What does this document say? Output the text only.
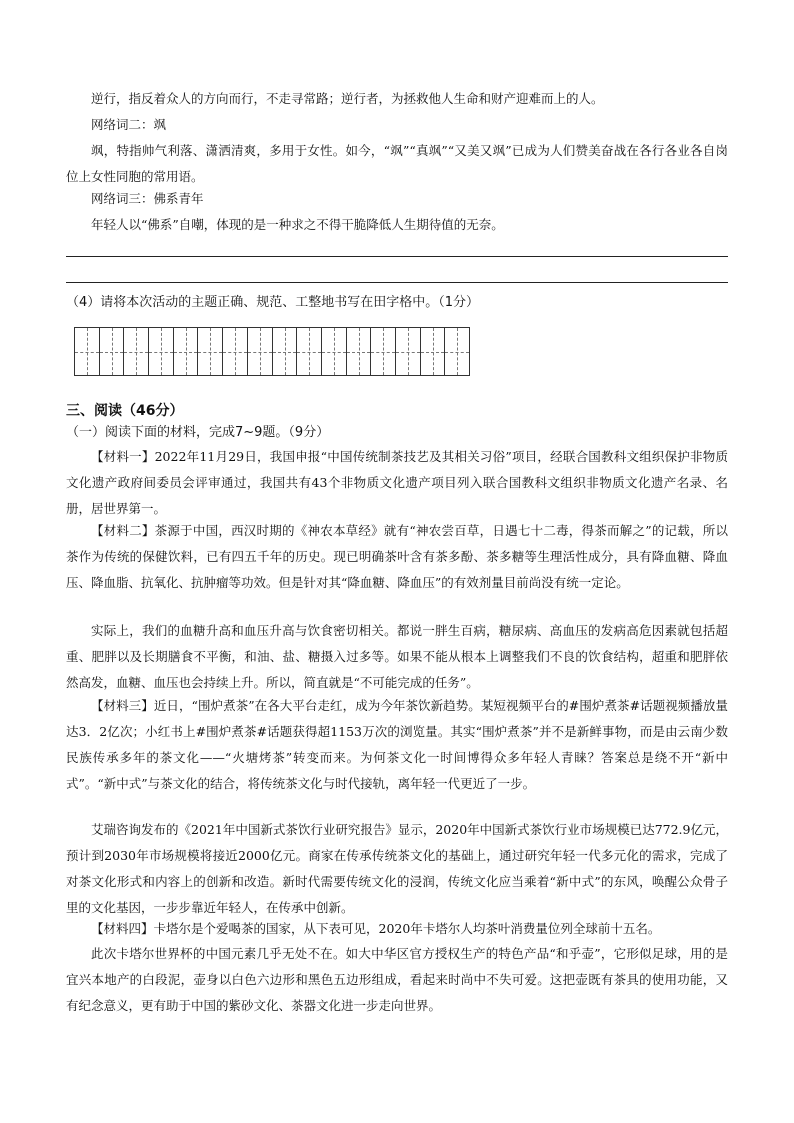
逆行，指反着众人的方向而行，不走寻常路；逆行者，为拯救他人生命和财产迎难而上的人。

网络词二：飒

飒，特指帅气利落、潇洒清爽，多用于女性。如今，“飒”“真飒”“又美又飒”已成为人们赞美奋战在各行各业各自岗位上女性同胞的常用语。

网络词三：佛系青年

年轻人以“佛系”自嘲，体现的是一种求之不得干脆降低人生期待值的无奈。

（4）请将本次活动的主题正确、规范、工整地书写在田字格中。（1分）

三、阅读（46分）

（一）阅读下面的材料，完成7~9题。（9分）

【材料一】2022年11月29日，我国申报“中国传统制茶技艺及其相关习俗”项目，经联合国教科文组织保护非物质文化遗产政府间委员会评审通过，我国共有43个非物质文化遗产项目列入联合国教科文组织非物质文化遗产名录、名册，居世界第一。

【材料二】茶源于中国，西汉时期的《神农本草经》就有“神农尝百草，日遇七十二毒，得茶而解之”的记载，所以茶作为传统的保健饮料，已有四五千年的历史。现已明确茶叶含有茶多酚、茶多糖等生理活性成分，具有降血糖、降血压、降血脂、抗氧化、抗肿瘤等功效。但是针对其“降血糖、降血压”的有效剂量目前尚没有统一定论。

实际上，我们的血糖升高和血压升高与饮食密切相关。都说一胖生百病，糖尿病、高血压的发病高危因素就包括超重、肥胖以及长期膳食不平衡，和油、盐、糖摄入过多等。如果不能从根本上调整我们不良的饮食结构，超重和肥胖依然高发，血糖、血压也会持续上升。所以，简直就是“不可能完成的任务”。

【材料三】近日，“围炉煮茶”在各大平台走红，成为今年茶饮新趋势。某短视频平台的#围炉煮茶#话题视频播放量达3．2亿次；小红书上#围炉煮茶#话题获得超1153万次的浏览量。其实“围炉煮茶”并不是新鲜事物，而是由云南少数民族传承多年的茶文化——“火塘烤茶”转变而来。为何茶文化一时间博得众多年轻人青睐？答案总是绕不开“新中式”。“新中式”与茶文化的结合，将传统茶文化与时代接轨，离年轻一代更近了一步。

艾瑞咨询发布的《2021年中国新式茶饮行业研究报告》显示，2020年中国新式茶饮行业市场规模已达772.9亿元，预计到2030年市场规模将接近2000亿元。商家在传承传统茶文化的基础上，通过研究年轻一代多元化的需求，完成了对茶文化形式和内容上的创新和改造。新时代需要传统文化的浸润，传统文化应当乘着“新中式”的东风，唤醒公众骨子里的文化基因，一步步靠近年轻人，在传承中创新。

【材料四】卡塔尔是个爱喝茶的国家，从下表可见，2020年卡塔尔人均茶叶消费量位列全球前十五名。

此次卡塔尔世界杯的中国元素几乎无处不在。如大中华区官方授权生产的特色产品“和乎壶”，它形似足球，用的是宜兴本地产的白段泥，壶身以白色六边形和黑色五边形组成，看起来时尚中不失可爱。这把壶既有茶具的使用功能，又有纪念意义，更有助于中国的紫砂文化、茶器文化进一步走向世界。
